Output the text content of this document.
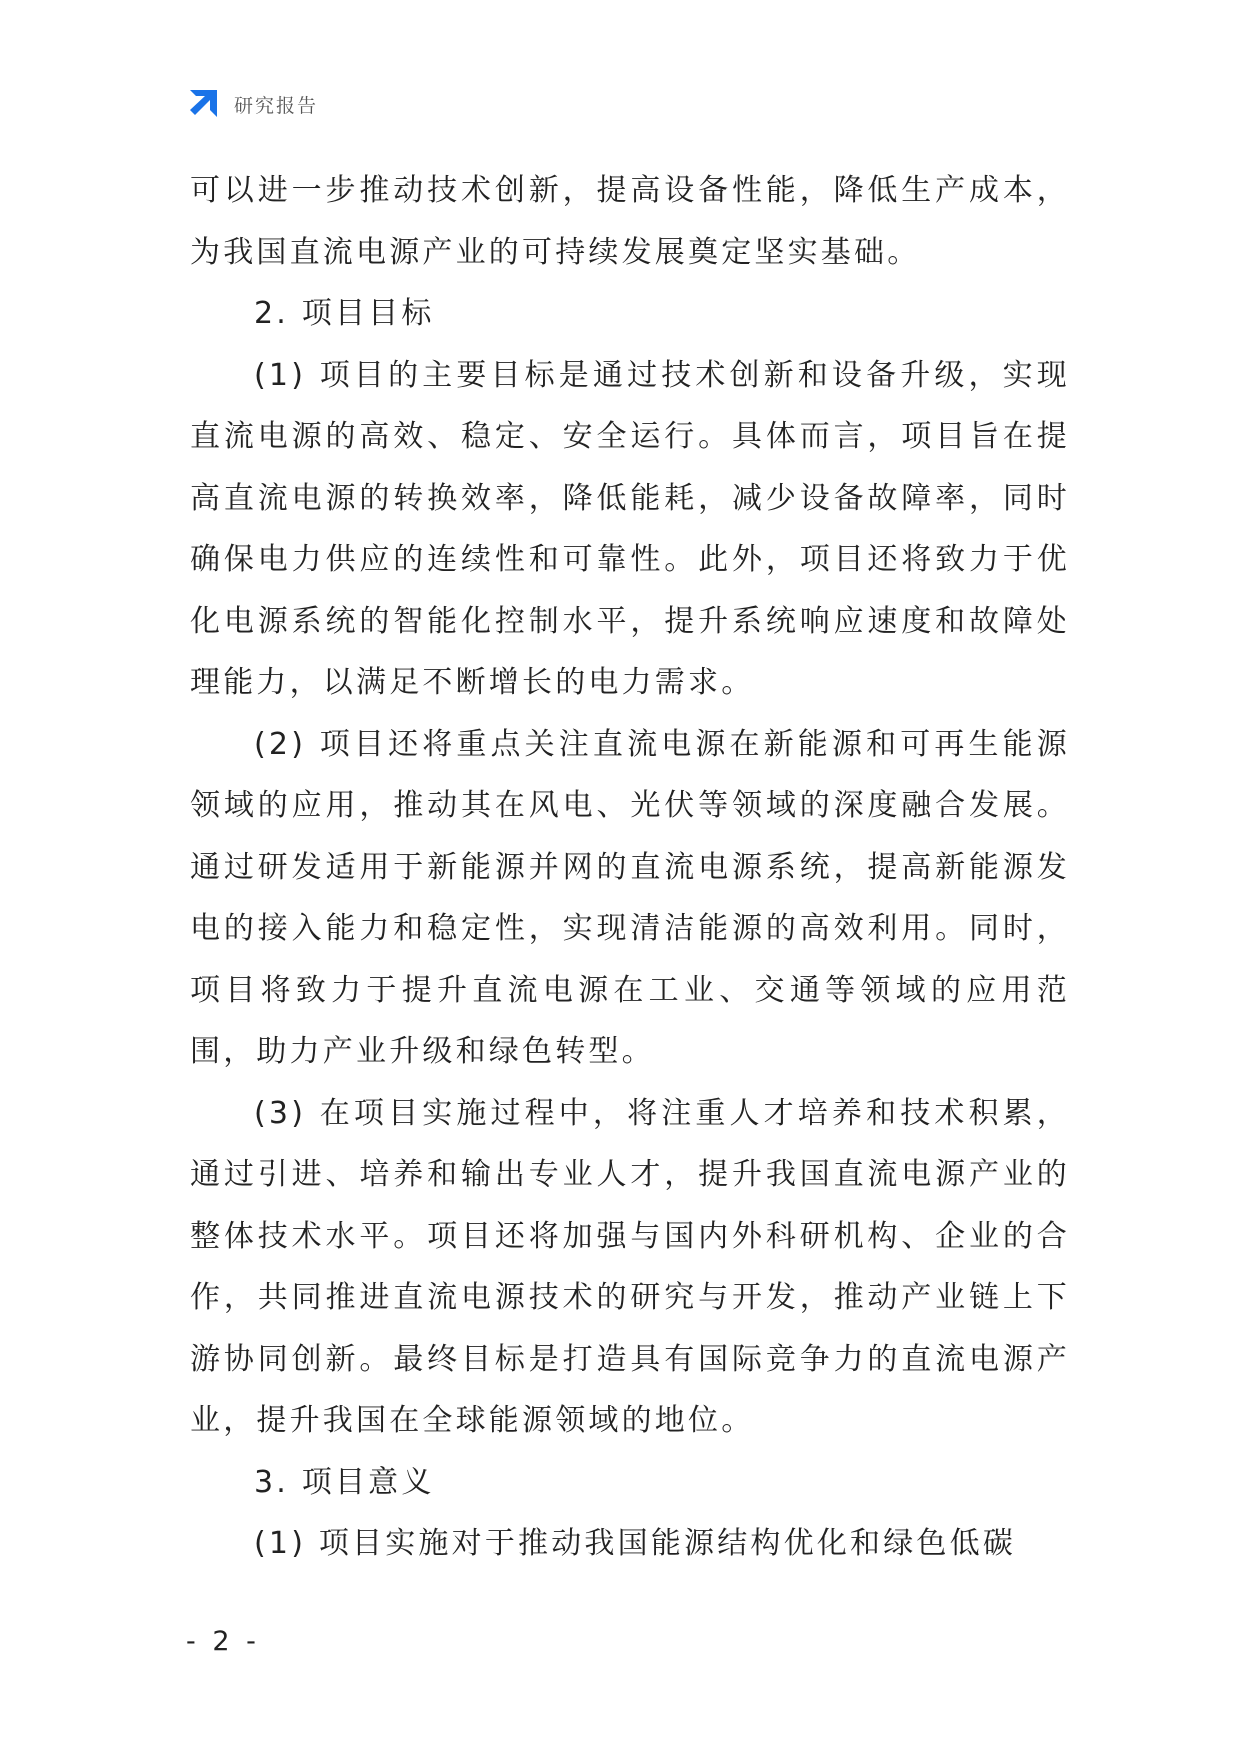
研究报告

可以进一步推动技术创新，提高设备性能，降低生产成本，为我国直流电源产业的可持续发展奠定坚实基础。

2. 项目目标

(1) 项目的主要目标是通过技术创新和设备升级，实现直流电源的高效、稳定、安全运行。具体而言，项目旨在提高直流电源的转换效率，降低能耗，减少设备故障率，同时确保电力供应的连续性和可靠性。此外，项目还将致力于优化电源系统的智能化控制水平，提升系统响应速度和故障处理能力，以满足不断增长的电力需求。

(2) 项目还将重点关注直流电源在新能源和可再生能源领域的应用，推动其在风电、光伏等领域的深度融合发展。通过研发适用于新能源并网的直流电源系统，提高新能源发电的接入能力和稳定性，实现清洁能源的高效利用。同时，项目将致力于提升直流电源在工业、交通等领域的应用范围，助力产业升级和绿色转型。

(3) 在项目实施过程中，将注重人才培养和技术积累，通过引进、培养和输出专业人才，提升我国直流电源产业的整体技术水平。项目还将加强与国内外科研机构、企业的合作，共同推进直流电源技术的研究与开发，推动产业链上下游协同创新。最终目标是打造具有国际竞争力的直流电源产业，提升我国在全球能源领域的地位。

3. 项目意义

(1) 项目实施对于推动我国能源结构优化和绿色低碳

- 2 -
